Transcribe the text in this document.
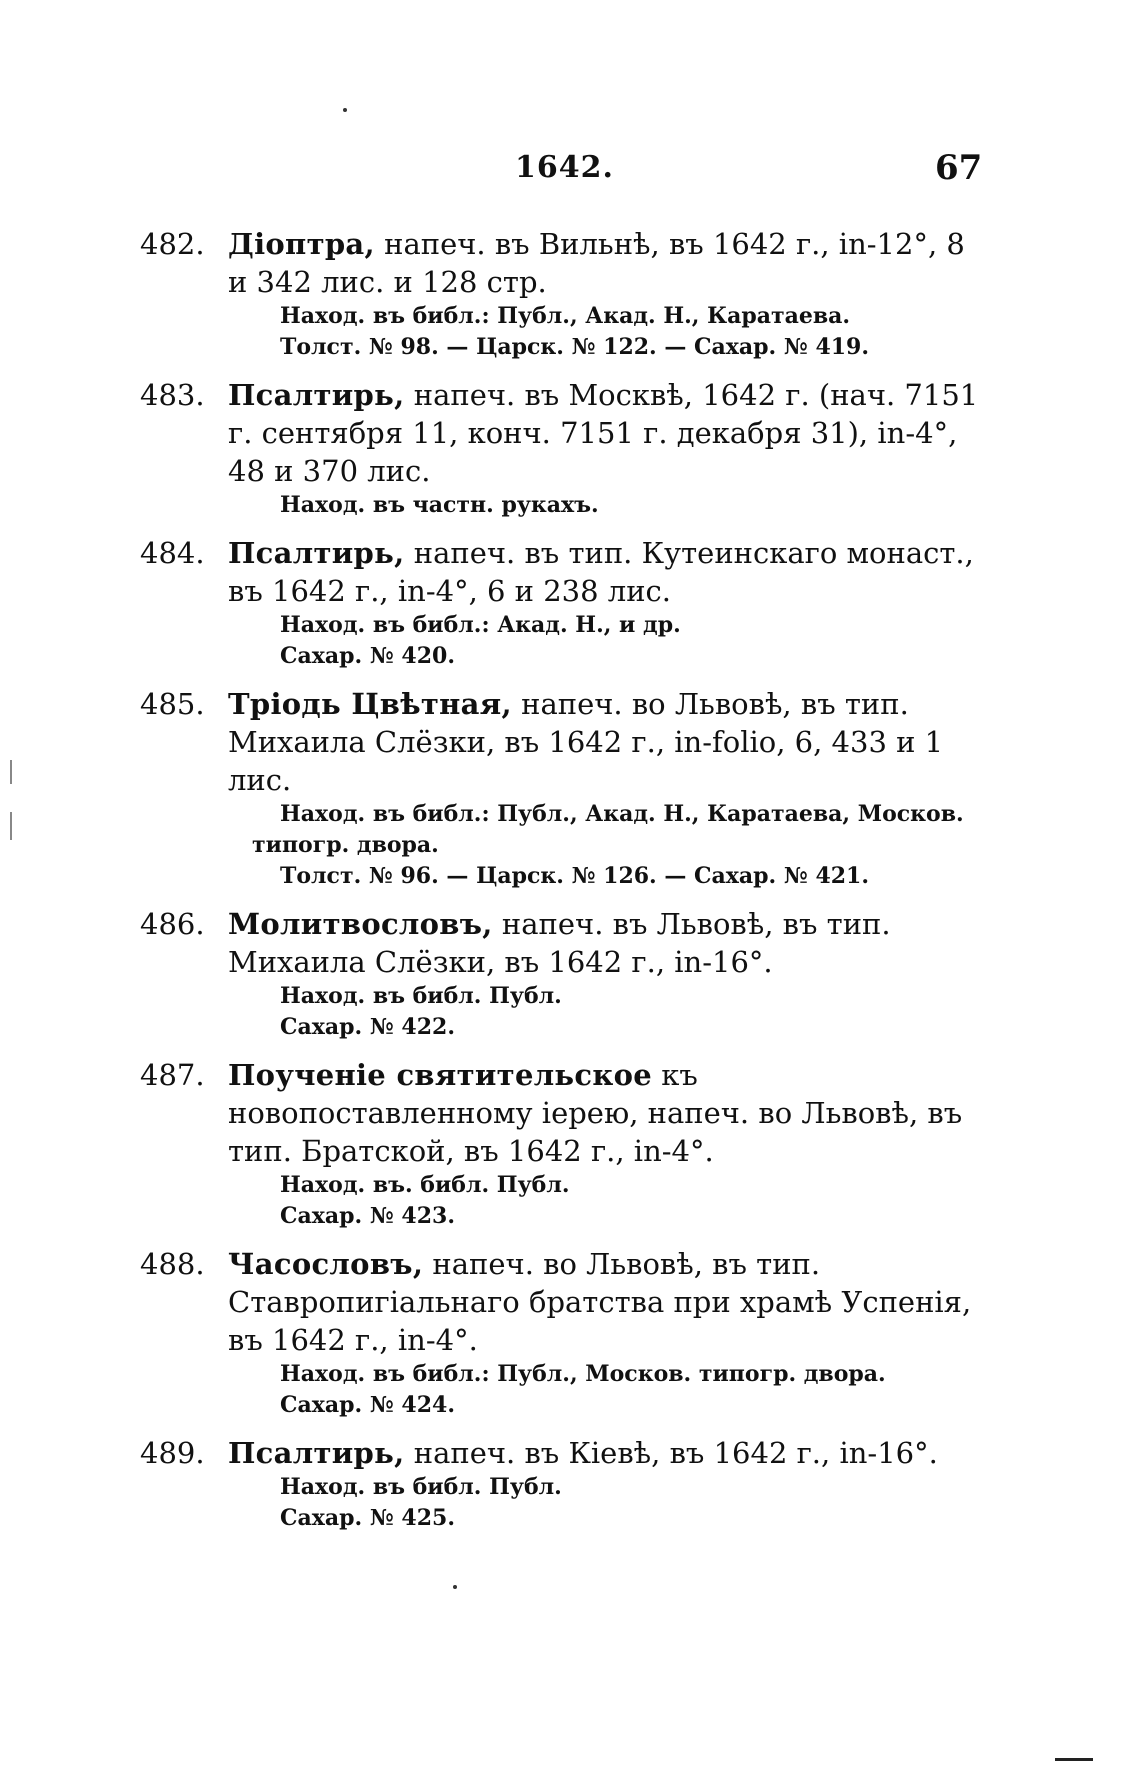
1642.	67
482. Діоптра, напеч. въ Вильнѣ, въ 1642 г., in-12°, 8 и 342 лис. и 128 стр.
Наход. въ библ.: Публ., Акад. Н., Каратаева.
Толст. № 98. — Царск. № 122. — Сахар. № 419.
483. Псалтирь, напеч. въ Москвѣ, 1642 г. (нач. 7151 г. сентября 11, конч. 7151 г. декабря 31), in-4°, 48 и 370 лис.
Наход. въ частн. рукахъ.
484. Псалтирь, напеч. въ тип. Кутеинскаго монаст., въ 1642 г., in-4°, 6 и 238 лис.
Наход. въ библ.: Акад. Н., и др.
Сахар. № 420.
485. Тріодь Цвѣтная, напеч. во Львовѣ, въ тип. Михаила Слёзки, въ 1642 г., in-folio, 6, 433 и 1 лис.
Наход. въ библ.: Публ., Акад. Н., Каратаева, Москов.
типогр. двора.
Толст. № 96. — Царск. № 126. — Сахар. № 421.
486. Молитвословъ, напеч. въ Львовѣ, въ тип. Михаила Слёзки, въ 1642 г., in-16°.
Наход. въ библ. Публ.
Сахар. № 422.
487. Поученіе святительское къ новопоставленному іерею, напеч. во Львовѣ, въ тип. Братской, въ 1642 г., in-4°.
Наход. въ. библ. Публ.
Сахар. № 423.
488. Часословъ, напеч. во Львовѣ, въ тип. Ставропигіальнаго братства при храмѣ Успенія, въ 1642 г., in-4°.
Наход. въ библ.: Публ., Москов. типогр. двора.
Сахар. № 424.
489. Псалтирь, напеч. въ Кіевѣ, въ 1642 г., in-16°.
Наход. въ библ. Публ.
Сахар. № 425.
